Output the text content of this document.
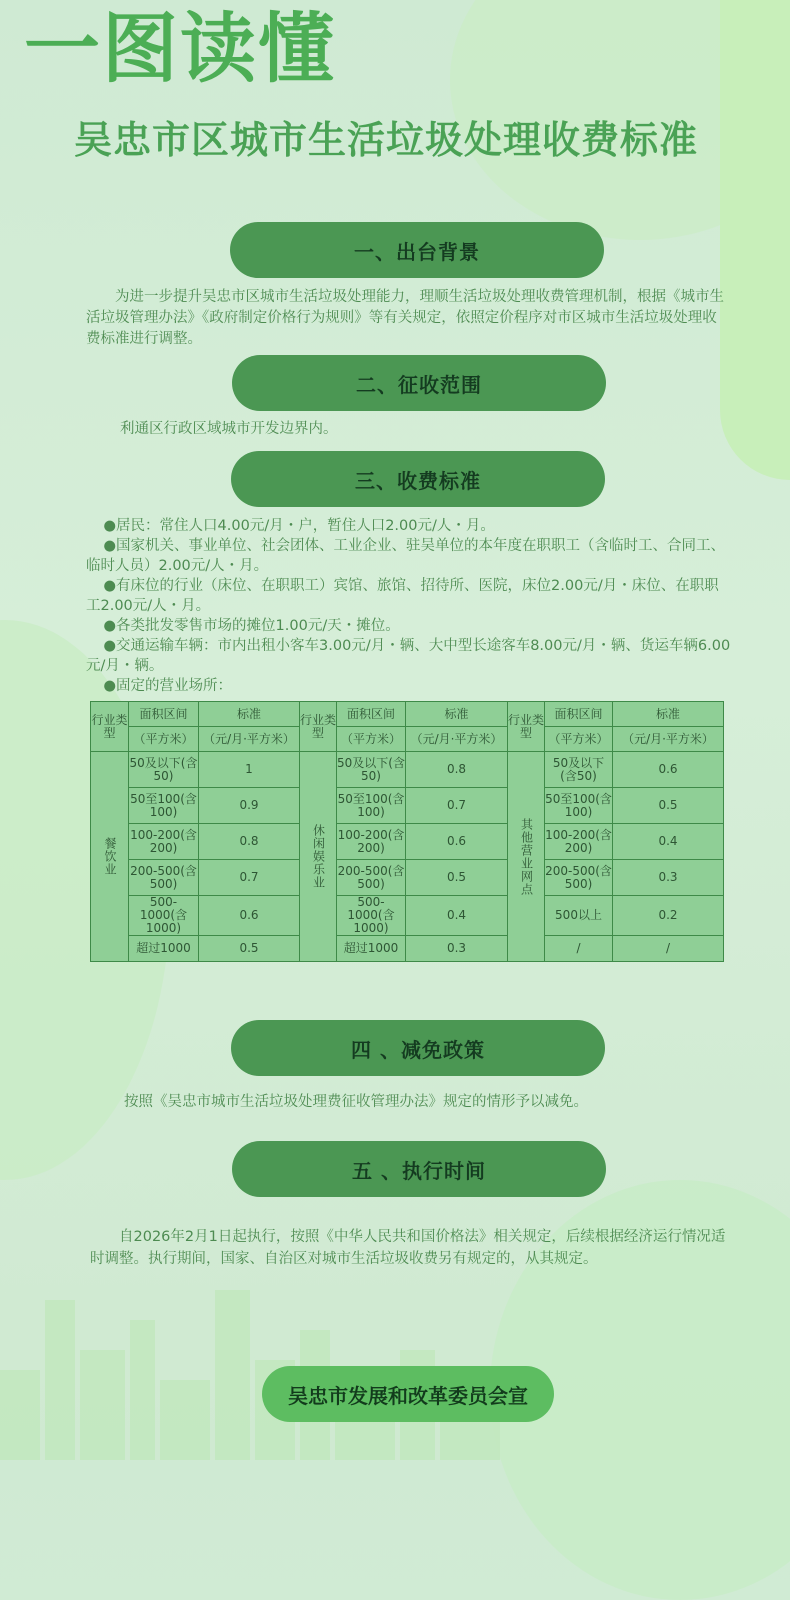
一图读懂
吴忠市区城市生活垃圾处理收费标准
一、出台背景

为进一步提升吴忠市区城市生活垃圾处理能力，理顺生活垃圾处理收费管理机制，根据《城市生活垃圾管理办法》《政府制定价格行为规则》等有关规定，依照定价程序对市区城市生活垃圾处理收费标准进行调整。

二、征收范围

利通区行政区域城市开发边界内。

三、收费标准

●居民：常住人口4.00元/月・户，暂住人口2.00元/人・月。

●国家机关、事业单位、社会团体、工业企业、驻吴单位的本年度在职职工（含临时工、合同工、临时人员）2.00元/人・月。

●有床位的行业（床位、在职职工）宾馆、旅馆、招待所、医院，床位2.00元/月・床位、在职职工2.00元/人・月。

●各类批发零售市场的摊位1.00元/天・摊位。

●交通运输车辆：市内出租小客车3.00元/月・辆、大中型长途客车8.00元/月・辆、货运车辆6.00元/月・辆。

●固定的营业场所：

行业类型	面积区间	标准	行业类型	面积区间	标准	行业类型	面积区间	标准
	（平方米）	（元/月·平方米）		（平方米）	（元/月·平方米）		（平方米）	（元/月·平方米）
餐饮业	50及以下(含50)	1	休闲娱乐业	50及以下(含50)	0.8	其他营业网点	50及以下(含50)	0.6
	50至100(含100)	0.9		50至100(含100)	0.7		50至100(含100)	0.5
	100-200(含200)	0.8		100-200(含200)	0.6		100-200(含200)	0.4
	200-500(含500)	0.7		200-500(含500)	0.5		200-500(含500)	0.3
	500-1000(含1000)	0.6		500-1000(含1000)	0.4		500以上	0.2
	超过1000	0.5		超过1000	0.3		/	/
四 、减免政策

按照《吴忠市城市生活垃圾处理费征收管理办法》规定的情形予以减免。

五 、执行时间

自2026年2月1日起执行，按照《中华人民共和国价格法》相关规定，后续根据经济运行情况适时调整。执行期间，国家、自治区对城市生活垃圾收费另有规定的，从其规定。

吴忠市发展和改革委员会宣
